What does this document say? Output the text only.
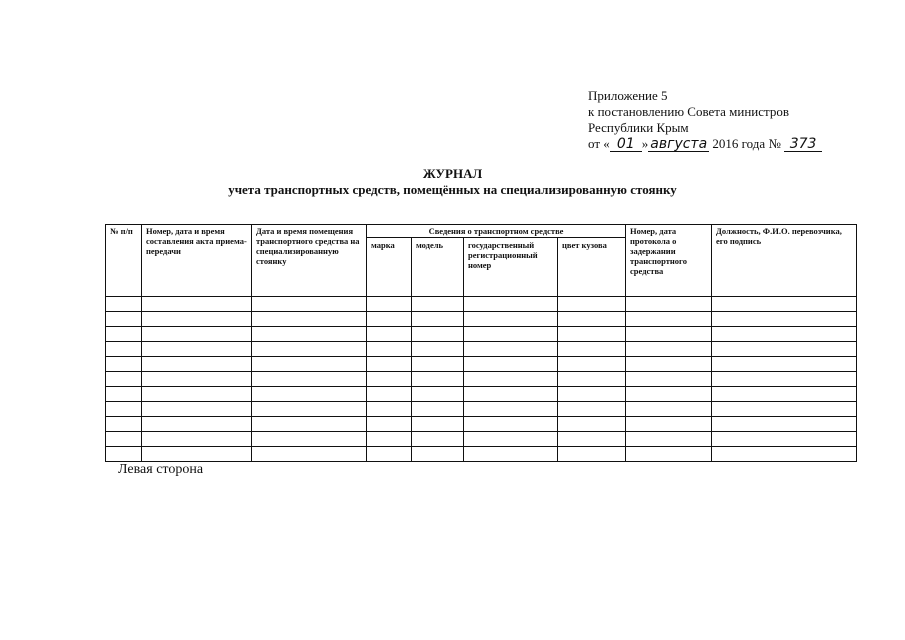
Приложение 5
к постановлению Совета министров
Республики Крым
от « 01 » августа 2016 года № 373
ЖУРНАЛ
учета транспортных средств, помещённых на специализированную стоянку
№ п/п	Номер, дата и время составления акта приема-передачи	Дата и время помещения транспортного средства на специализированную стоянку	Сведения о транспортном средстве				Номер, дата протокола о задержании транспортного средства	Должность, Ф.И.О. перевозчика, его подпись
			марка	модель	государственный регистрационный номер	цвет кузова		

Левая сторона
